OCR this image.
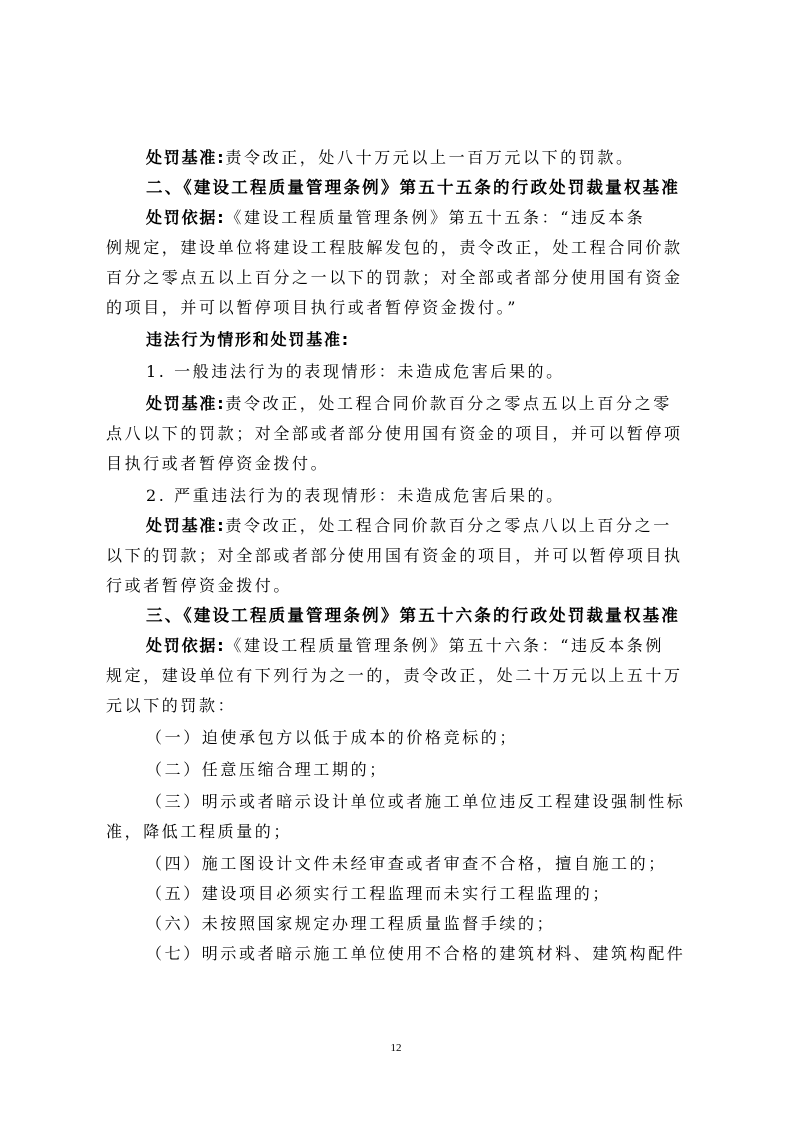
处罚基准:责令改正，处八十万元以上一百万元以下的罚款。
二、《建设工程质量管理条例》第五十五条的行政处罚裁量权基准
处罚依据:《建设工程质量管理条例》第五十五条：“违反本条
例规定，建设单位将建设工程肢解发包的，责令改正，处工程合同价款
百分之零点五以上百分之一以下的罚款；对全部或者部分使用国有资金
的项目，并可以暂停项目执行或者暂停资金拨付。”
违法行为情形和处罚基准:
1. 一般违法行为的表现情形：未造成危害后果的。
处罚基准:责令改正，处工程合同价款百分之零点五以上百分之零
点八以下的罚款；对全部或者部分使用国有资金的项目，并可以暂停项
目执行或者暂停资金拨付。
2. 严重违法行为的表现情形：未造成危害后果的。
处罚基准:责令改正，处工程合同价款百分之零点八以上百分之一
以下的罚款；对全部或者部分使用国有资金的项目，并可以暂停项目执
行或者暂停资金拨付。
三、《建设工程质量管理条例》第五十六条的行政处罚裁量权基准
处罚依据:《建设工程质量管理条例》第五十六条：“违反本条例
规定，建设单位有下列行为之一的，责令改正，处二十万元以上五十万
元以下的罚款：
（一）迫使承包方以低于成本的价格竞标的；
（二）任意压缩合理工期的；
（三）明示或者暗示设计单位或者施工单位违反工程建设强制性标
准，降低工程质量的；
（四）施工图设计文件未经审查或者审查不合格，擅自施工的；
（五）建设项目必须实行工程监理而未实行工程监理的；
（六）未按照国家规定办理工程质量监督手续的；
（七）明示或者暗示施工单位使用不合格的建筑材料、建筑构配件
12
